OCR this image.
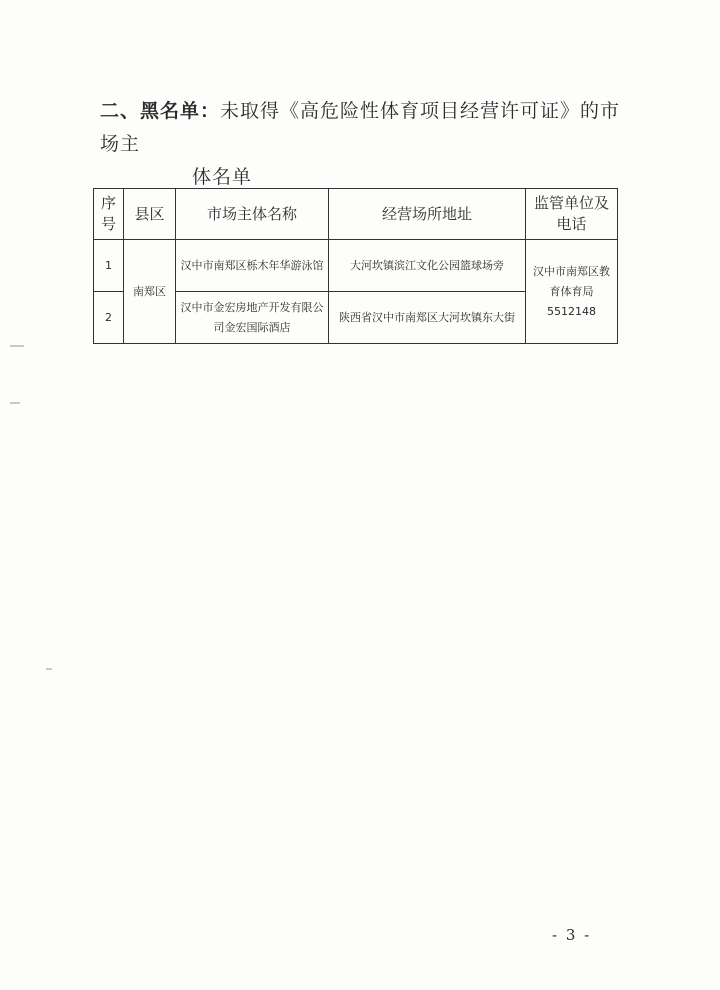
二、黑名单：未取得《高危险性体育项目经营许可证》的市场主
体名单
序号	县区	市场主体名称	经营场所地址	监管单位及电话
1	南郑区	汉中市南郑区栎木年华游泳馆	大河坎镇滨江文化公园篮球场旁	汉中市南郑区教育体育局
5512148

2		汉中市金宏房地产开发有限公司金宏国际酒店	陕西省汉中市南郑区大河坎镇东大街	
- 3 -
